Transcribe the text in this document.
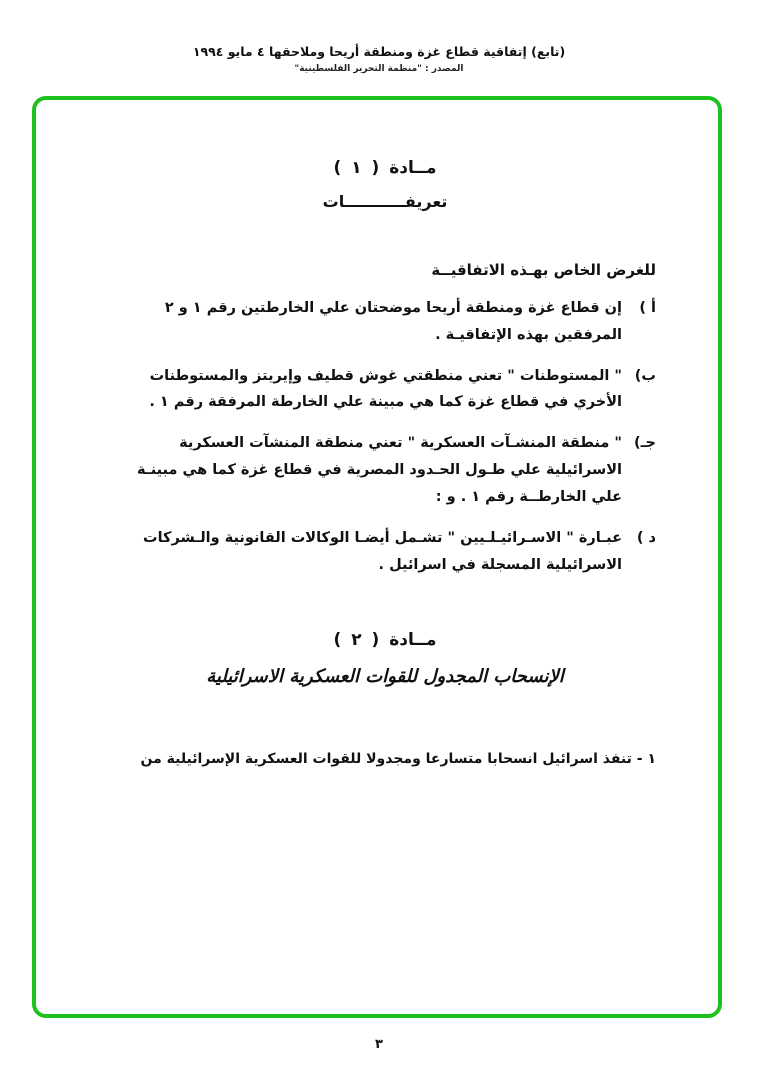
(تابع) إتفاقية قطاع غزة ومنطقة أريحا وملاحقها ٤ مايو ١٩٩٤
المصدر : "منظمة التحرير الفلسطينية"
مــادة ( ١ )
تعريفـــــــــــات

للغرض الخاص بهـذه الاتفاقيــة

أ )
إن قطاع غزة ومنطقة أريحا موضحتان علي الخارطتين رقم ١ و ٢ المرفقين بهذه الإتفاقيـة .
ب)
" المستوطنات " تعني منطقتي غوش قطيف وإيريتز والمستوطنات الأخري في قطاع غزة كما هي مبينة علي الخارطة المرفقة رقم ١ .
جـ)
" منطقة المنشـآت العسكرية " تعني منطقة المنشآت العسكرية الاسرائيلية علي طـول الحـدود المصرية في قطاع غزة كما هي مبينـة علي الخارطــة رقم ١ . و :
د )
عبـارة " الاسـرائيـلـيين " تشـمل أيضـا الوكالات القانونية والـشركات الاسرائيلية المسجلة في اسرائيل .
مــادة ( ٢ )
الإنسحاب المجدول للقوات العسكرية الاسرائيلية

١ - تنفذ اسرائيل انسحابا متسارعا ومجدولا للقوات العسكرية الإسرائيلية من

٣
